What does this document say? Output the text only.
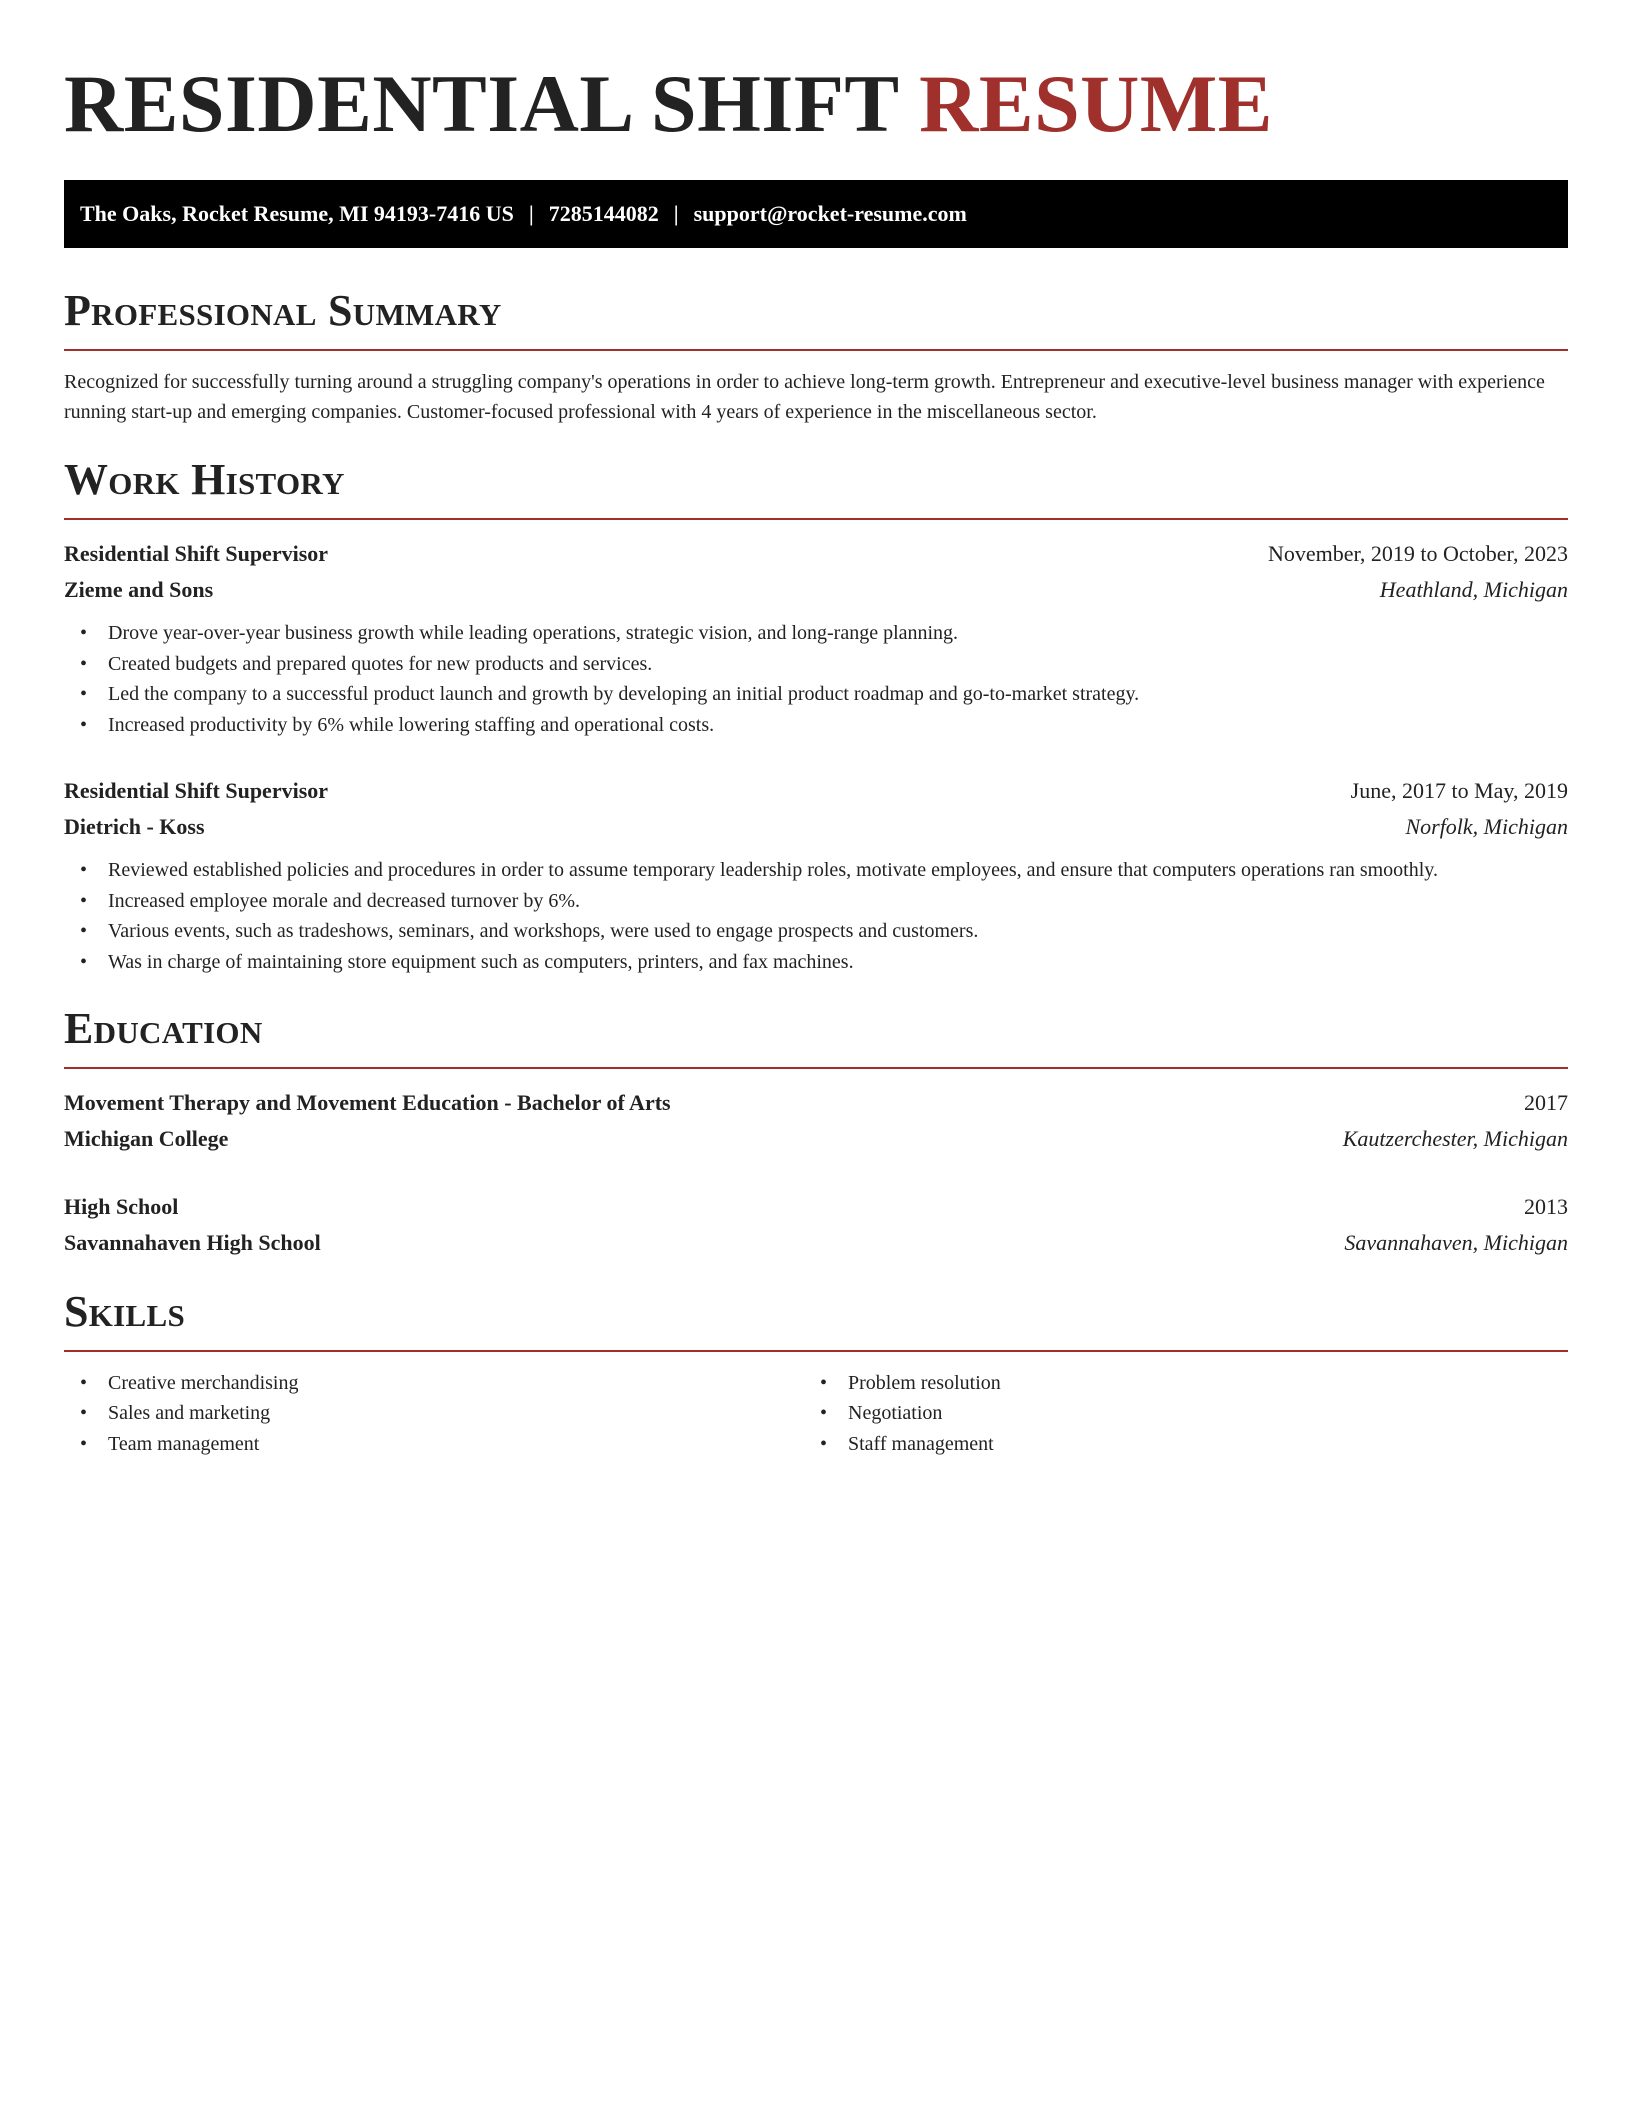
RESIDENTIAL SHIFT RESUME
The Oaks, Rocket Resume, MI 94193-7416 US | 7285144082 | support@rocket-resume.com
Professional Summary

Recognized for successfully turning around a struggling company's operations in order to achieve long-term growth. Entrepreneur and executive-level business manager with experience running start-up and emerging companies. Customer-focused professional with 4 years of experience in the miscellaneous sector.

Work History
Residential Shift Supervisor	November, 2019 to October, 2023
Zieme and Sons	Heathland, Michigan
• Drove year-over-year business growth while leading operations, strategic vision, and long-range planning.
• Created budgets and prepared quotes for new products and services.
• Led the company to a successful product launch and growth by developing an initial product roadmap and go-to-market strategy.
• Increased productivity by 6% while lowering staffing and operational costs.
Residential Shift Supervisor	June, 2017 to May, 2019
Dietrich - Koss	Norfolk, Michigan
• Reviewed established policies and procedures in order to assume temporary leadership roles, motivate employees, and ensure that computers operations ran smoothly.
• Increased employee morale and decreased turnover by 6%.
• Various events, such as tradeshows, seminars, and workshops, were used to engage prospects and customers.
• Was in charge of maintaining store equipment such as computers, printers, and fax machines.
Education
Movement Therapy and Movement Education - Bachelor of Arts	2017
Michigan College	Kautzerchester, Michigan
High School	2013
Savannahaven High School	Savannahaven, Michigan
Skills
• Creative merchandising
• Sales and marketing
• Team management
• Problem resolution
• Negotiation
• Staff management
